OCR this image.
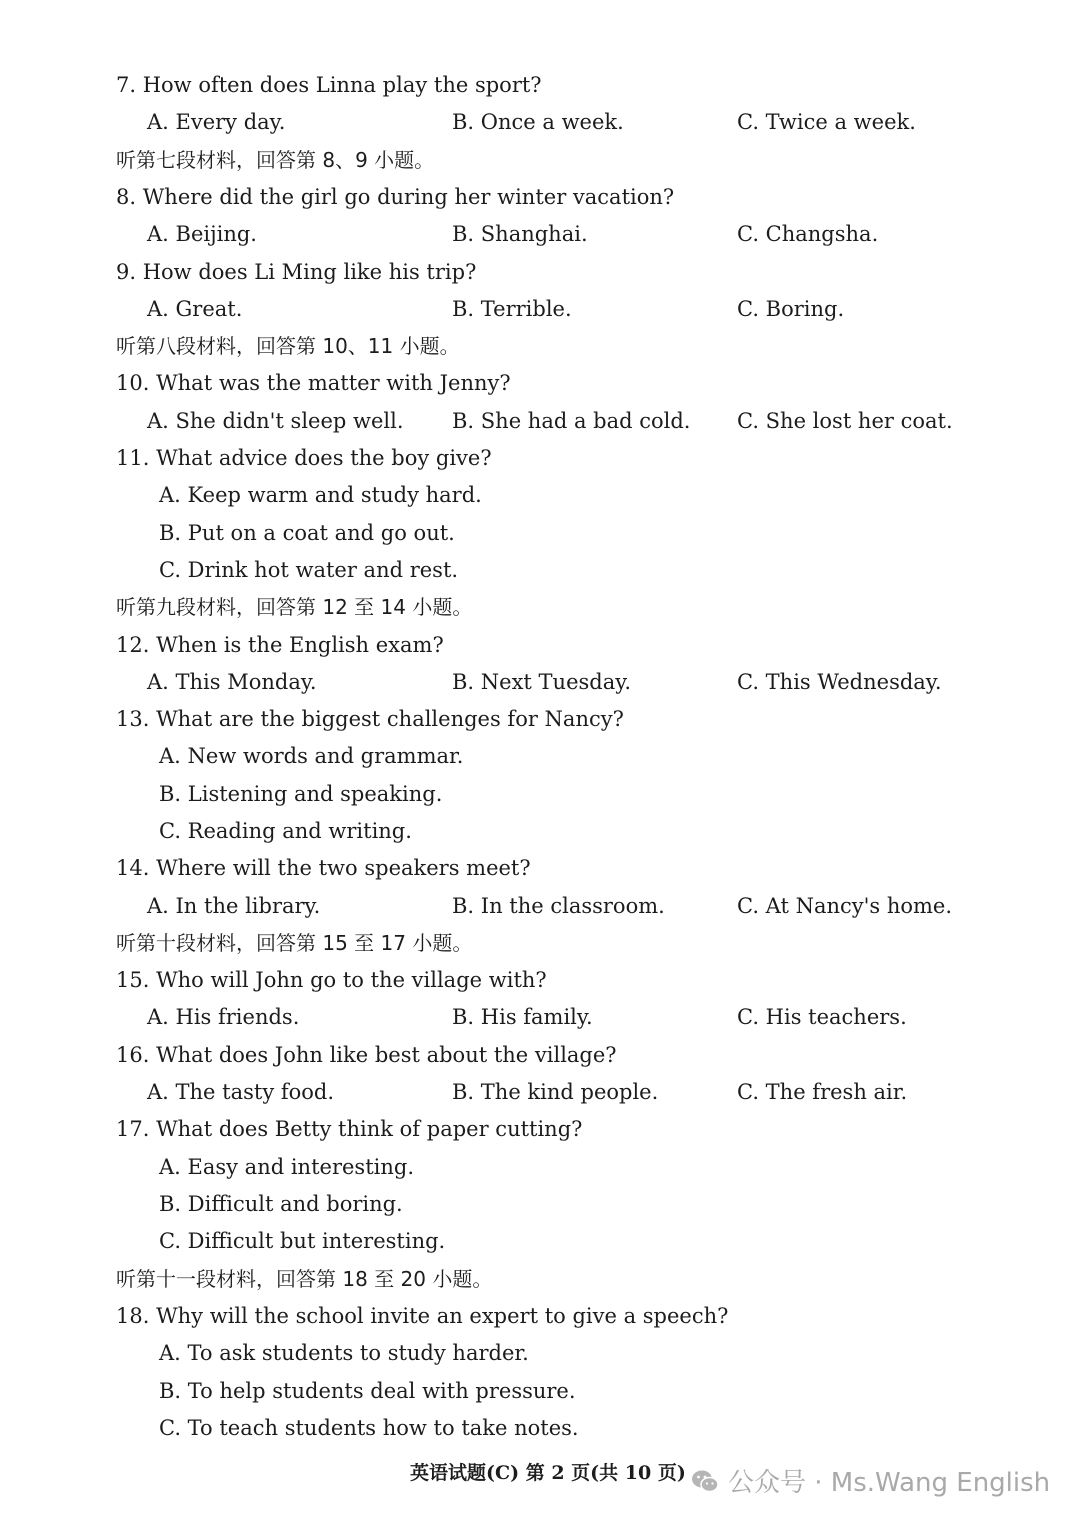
7. How often does Linna play the sport?
A. Every day.	B. Once a week.	C. Twice a week.
听第七段材料，回答第 8、9 小题。
8. Where did the girl go during her winter vacation?
A. Beijing.	B. Shanghai.	C. Changsha.
9. How does Li Ming like his trip?
A. Great.	B. Terrible.	C. Boring.
听第八段材料，回答第 10、11 小题。
10. What was the matter with Jenny?
A. She didn't sleep well.	B. She had a bad cold.	C. She lost her coat.
11. What advice does the boy give?
A. Keep warm and study hard.
B. Put on a coat and go out.
C. Drink hot water and rest.
听第九段材料，回答第 12 至 14 小题。
12. When is the English exam?
A. This Monday.	B. Next Tuesday.	C. This Wednesday.
13. What are the biggest challenges for Nancy?
A. New words and grammar.
B. Listening and speaking.
C. Reading and writing.
14. Where will the two speakers meet?
A. In the library.	B. In the classroom.	C. At Nancy's home.
听第十段材料，回答第 15 至 17 小题。
15. Who will John go to the village with?
A. His friends.	B. His family.	C. His teachers.
16. What does John like best about the village?
A. The tasty food.	B. The kind people.	C. The fresh air.
17. What does Betty think of paper cutting?
A. Easy and interesting.
B. Difficult and boring.
C. Difficult but interesting.
听第十一段材料，回答第 18 至 20 小题。
18. Why will the school invite an expert to give a speech?
A. To ask students to study harder.
B. To help students deal with pressure.
C. To teach students how to take notes.
英语试题(C) 第 2 页(共 10 页) 公众号 · Ms.Wang English
